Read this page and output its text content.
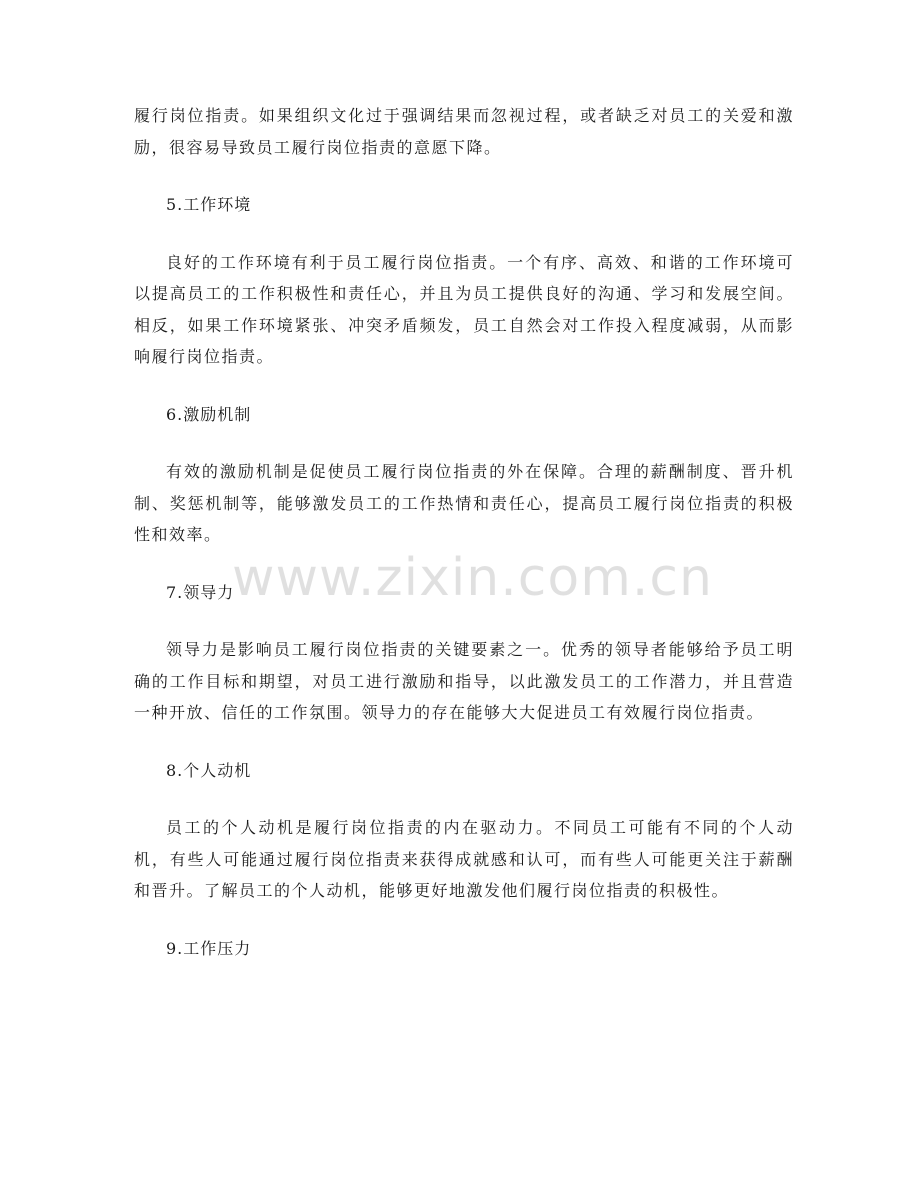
履行岗位指责。如果组织文化过于强调结果而忽视过程，或者缺乏对员工的关爱和激励，很容易导致员工履行岗位指责的意愿下降。

5.工作环境

良好的工作环境有利于员工履行岗位指责。一个有序、高效、和谐的工作环境可以提高员工的工作积极性和责任心，并且为员工提供良好的沟通、学习和发展空间。相反，如果工作环境紧张、冲突矛盾频发，员工自然会对工作投入程度减弱，从而影响履行岗位指责。

6.激励机制

有效的激励机制是促使员工履行岗位指责的外在保障。合理的薪酬制度、晋升机制、奖惩机制等，能够激发员工的工作热情和责任心，提高员工履行岗位指责的积极性和效率。

7.领导力

领导力是影响员工履行岗位指责的关键要素之一。优秀的领导者能够给予员工明确的工作目标和期望，对员工进行激励和指导，以此激发员工的工作潜力，并且营造一种开放、信任的工作氛围。领导力的存在能够大大促进员工有效履行岗位指责。

8.个人动机

员工的个人动机是履行岗位指责的内在驱动力。不同员工可能有不同的个人动机，有些人可能通过履行岗位指责来获得成就感和认可，而有些人可能更关注于薪酬和晋升。了解员工的个人动机，能够更好地激发他们履行岗位指责的积极性。

9.工作压力

www.zixin.com.cn
